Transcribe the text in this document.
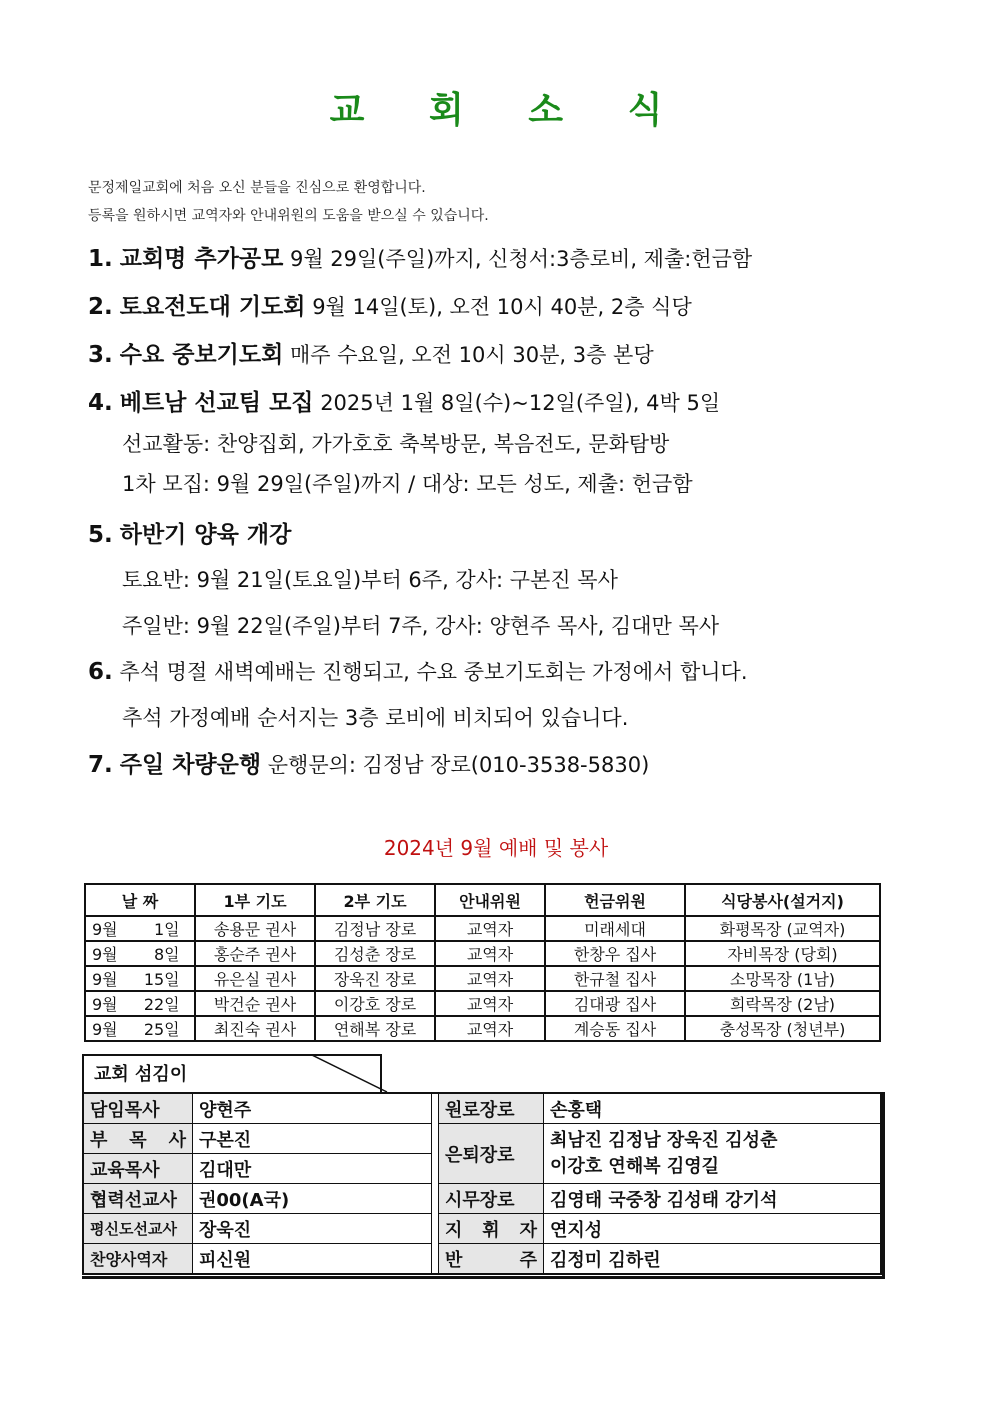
교 회 소 식
문정제일교회에 처음 오신 분들을 진심으로 환영합니다.
등록을 원하시면 교역자와 안내위원의 도움을 받으실 수 있습니다.
1. 교회명 추가공모 9월 29일(주일)까지, 신청서:3층로비, 제출:헌금함
2. 토요전도대 기도회 9월 14일(토), 오전 10시 40분, 2층 식당
3. 수요 중보기도회 매주 수요일, 오전 10시 30분, 3층 본당
4. 베트남 선교팀 모집 2025년 1월 8일(수)~12일(주일), 4박 5일
선교활동: 찬양집회, 가가호호 축복방문, 복음전도, 문화탐방
1차 모집: 9월 29일(주일)까지 / 대상: 모든 성도, 제출: 헌금함
5. 하반기 양육 개강
토요반: 9월 21일(토요일)부터 6주, 강사: 구본진 목사
주일반: 9월 22일(주일)부터 7주, 강사: 양현주 목사, 김대만 목사
6. 추석 명절 새벽예배는 진행되고, 수요 중보기도회는 가정에서 합니다.
추석 가정예배 순서지는 3층 로비에 비치되어 있습니다.
7. 주일 차량운행 운행문의: 김정남 장로(010-3538-5830)
2024년 9월 예배 및 봉사
날 짜	1부 기도	2부 기도	안내위원	헌금위원	식당봉사(설거지)
9월 1일	송용문 권사	김정남 장로	교역자	미래세대	화평목장 (교역자)
9월 8일	홍순주 권사	김성춘 장로	교역자	한창우 집사	자비목장 (당회)
9월 15일	유은실 권사	장욱진 장로	교역자	한규철 집사	소망목장 (1남)
9월 22일	박건순 권사	이강호 장로	교역자	김대광 집사	희락목장 (2남)
9월 25일	최진숙 권사	연해복 장로	교역자	계승동 집사	충성목장 (청년부)
교회 섬김이
담임목사	양현주		원로장로	손홍택
부 목 사	구본진		은퇴장로	최남진 김정남 장욱진 김성춘
이강호 연해복 김영길

교육목사	김대만			
협력선교사	권00(A국)		시무장로	김영태 국중창 김성태 강기석
평신도선교사	장욱진		지 휘 자	연지성
찬양사역자	피신원		반 주	김정미 김하린
